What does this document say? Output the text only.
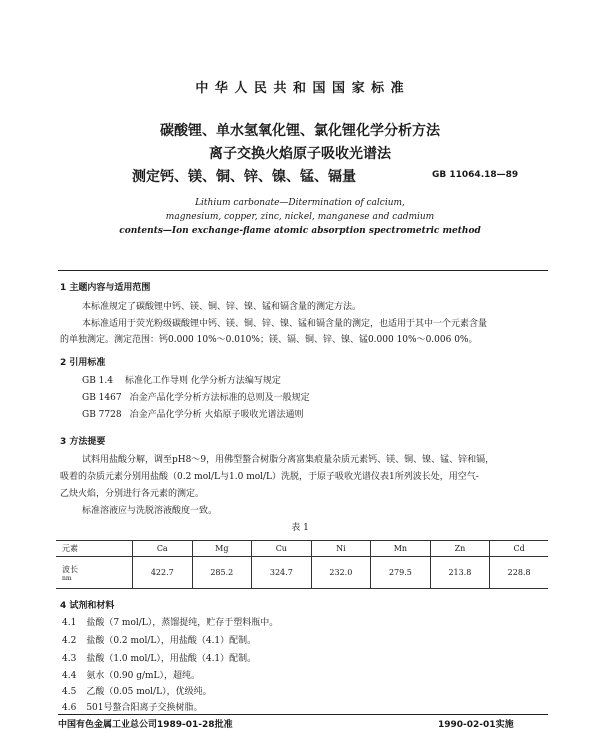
中 华 人 民 共 和 国 国 家 标 准
碳酸锂、单水氢氧化锂、氯化锂化学分析方法
离子交换火焰原子吸收光谱法
测定钙、镁、铜、锌、镍、锰、镉量	GB 11064.18—89
Lithium carbonate—Ditermination of calcium,
magnesium, copper, zinc, nickel, manganese and cadmium
contents—Ion exchange-flame atomic absorption spectrometric method
1 主题内容与适用范围
本标准规定了碳酸锂中钙、镁、铜、锌、镍、锰和镉含量的测定方法。
本标准适用于荧光粉级碳酸锂中钙、镁、铜、锌、镍、锰和镉含量的测定，也适用于其中一个元素含量
的单独测定。测定范围：钙0.000 10%～0.010%；镁、镉、铜、锌、镍、锰0.000 10%～0.006 0%。
2 引用标准
GB 1.4 标准化工作导则 化学分析方法编写规定
GB 1467 冶金产品化学分析方法标准的总则及一般规定
GB 7728 冶金产品化学分析 火焰原子吸收光谱法通则
3 方法提要
试料用盐酸分解，调至pH8～9，用佛型螯合树脂分离富集痕量杂质元素钙、镁、铜、镍、锰、锌和镉，
吸着的杂质元素分别用盐酸（0.2 mol/L与1.0 mol/L）洗脱，于原子吸收光谱仪表1所列波长处，用空气-
乙炔火焰，分别进行各元素的测定。
标准溶液应与洗脱溶液酸度一致。
表 1
元素	Ca	Mg	Cu	Ni	Mn	Zn	Cd
波长
nm	422.7	285.2	324.7	232.0	279.5	213.8	228.8
4 试剂和材料
4.1 盐酸（7 mol/L），蒸馏提纯，贮存于塑料瓶中。
4.2 盐酸（0.2 mol/L），用盐酸（4.1）配制。
4.3 盐酸（1.0 mol/L），用盐酸（4.1）配制。
4.4 氨水（0.90 g/mL），超纯。
4.5 乙酸（0.05 mol/L），优级纯。
4.6 501号螯合阳离子交换树脂。
中国有色金属工业总公司1989-01-28批准	1990-02-01实施
